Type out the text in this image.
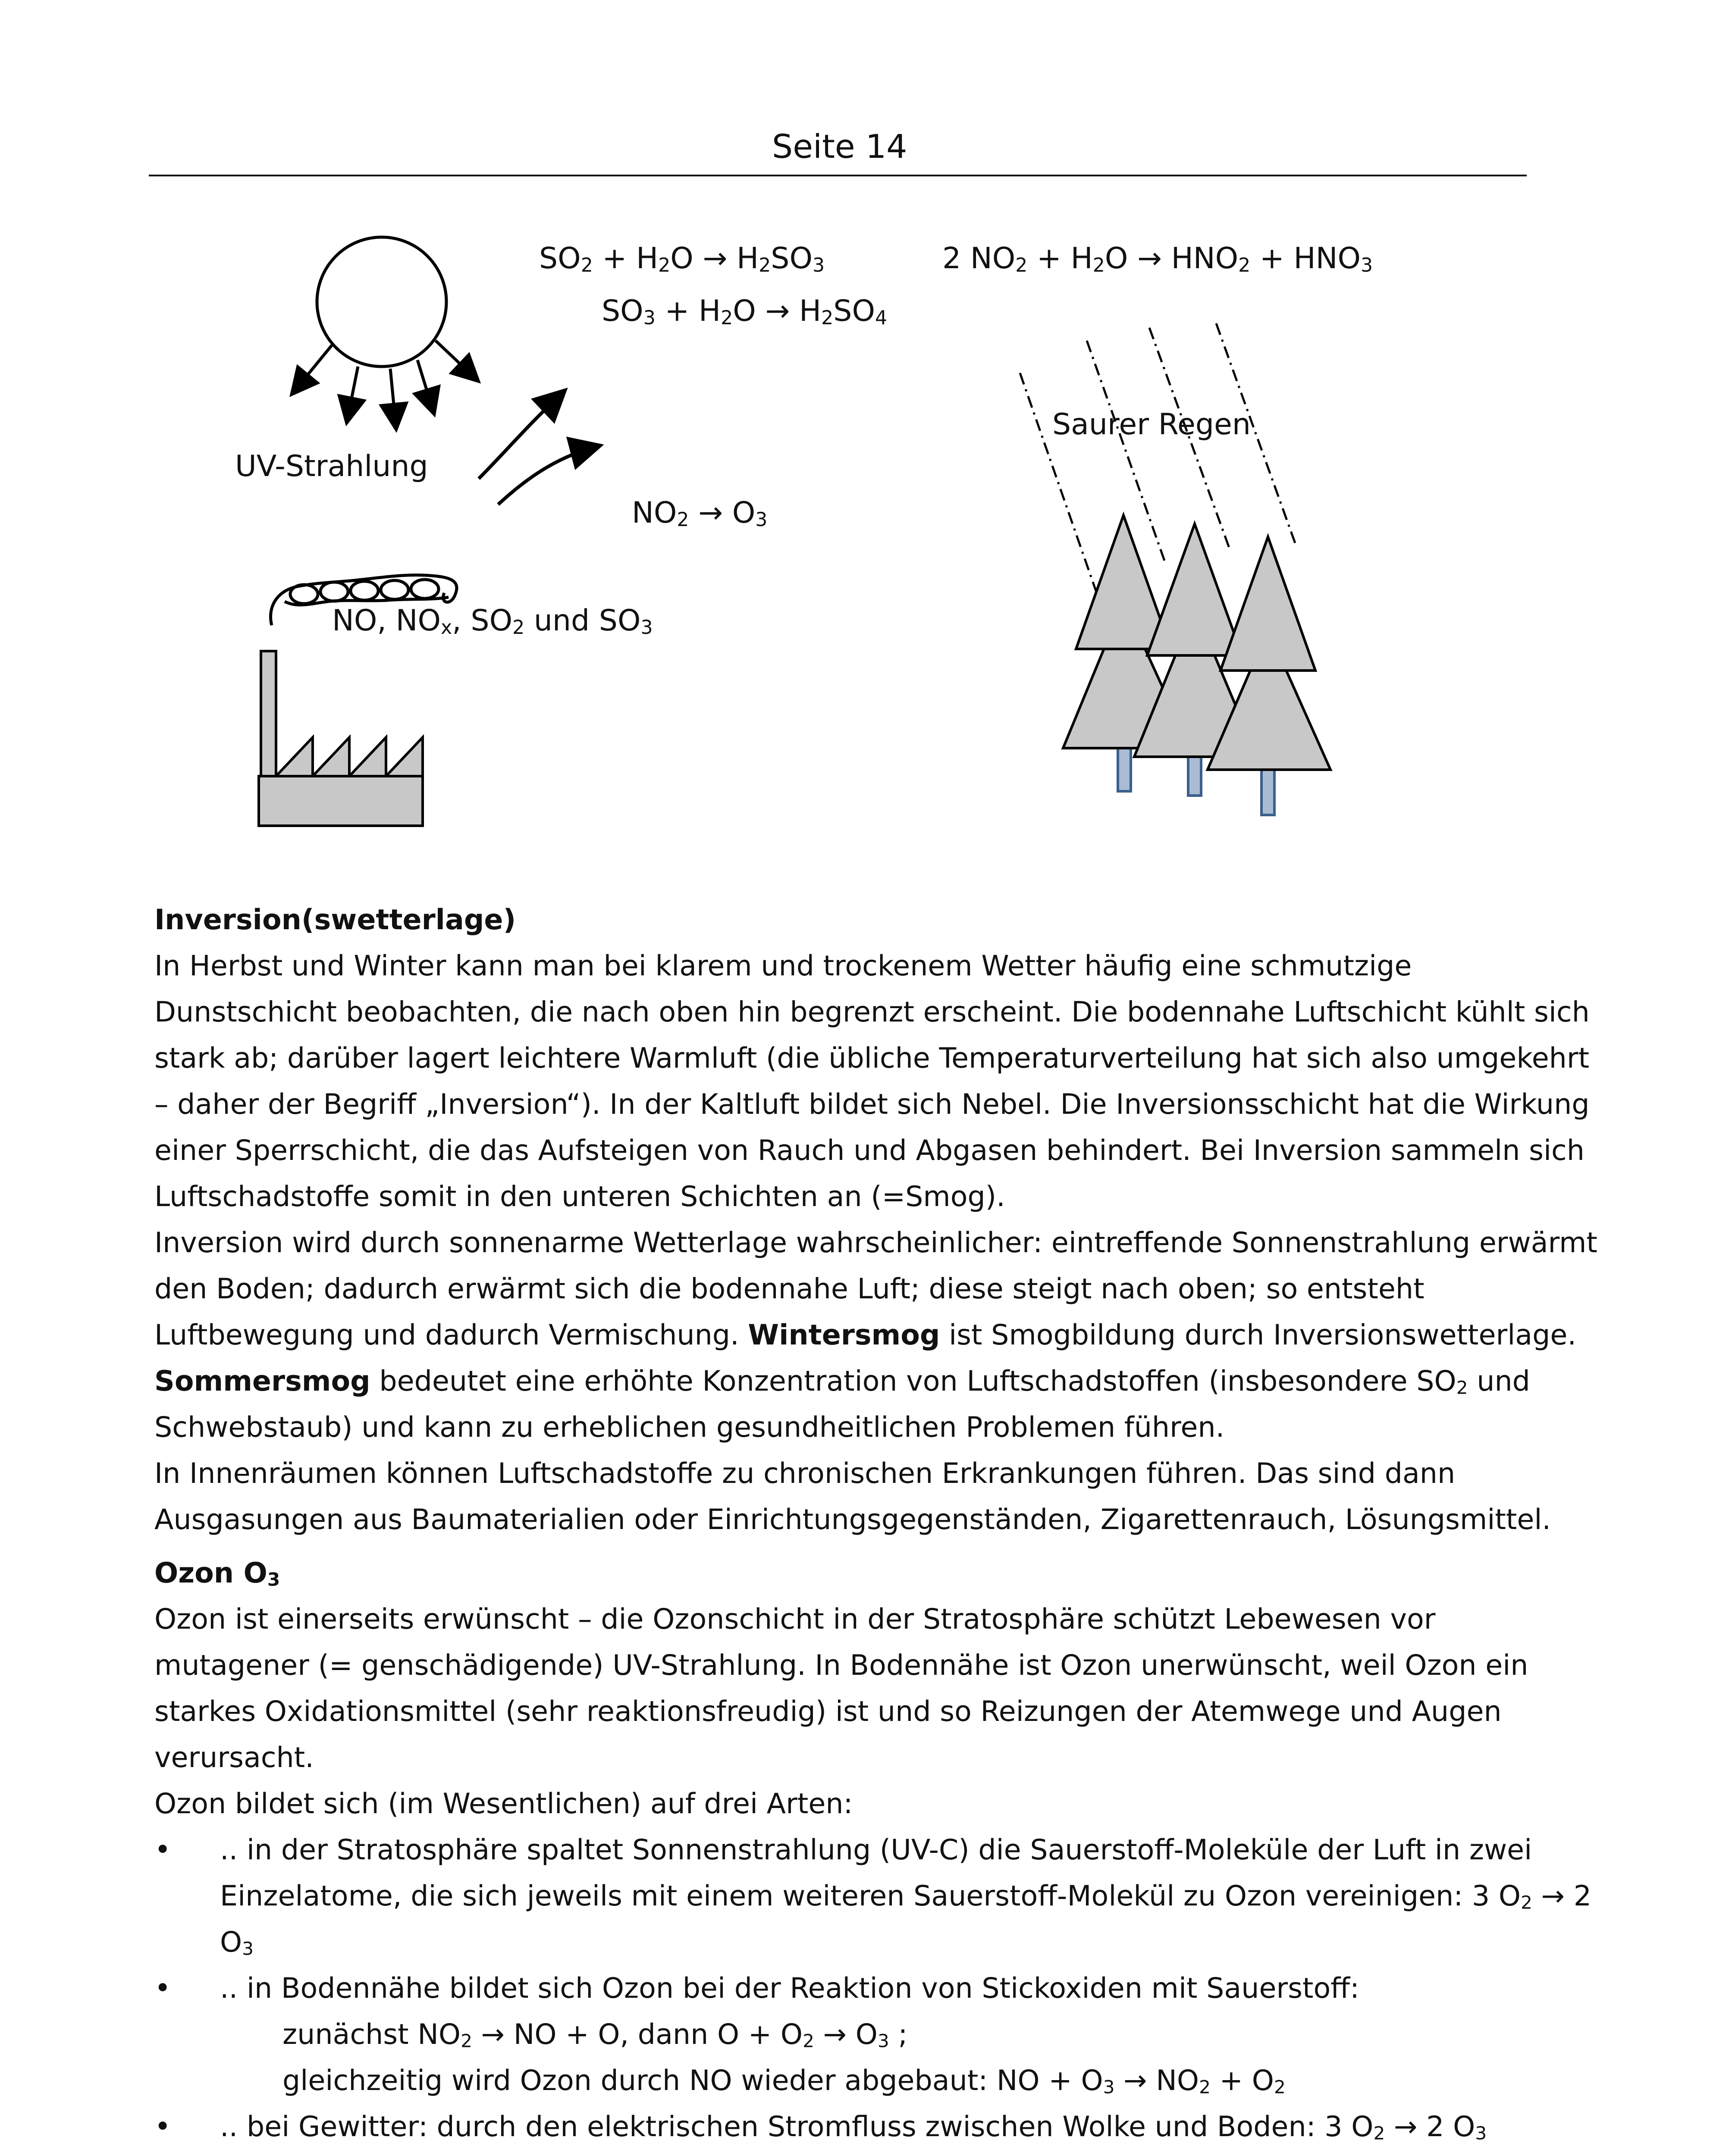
Seite 14
$SO_2 + H_2O \to H_2SO_3$
$SO_3 + H_2O \to H_2SO_4$
2 $NO_2 + H_2O \to HNO_2 + HNO_3$
$NO_2 \to O_3$
UV-Strahlung
Saurer Regen
NO, $NO_x$, $SO_2$ und $SO_3$
Inversion(swetterlage)

In Herbst und Winter kann man bei klarem und trockenem Wetter häufig eine schmutzige Dunstschicht beobachten, die nach oben hin begrenzt erscheint. Die bodennahe Luftschicht kühlt sich stark ab; darüber lagert leichtere Warmluft (die übliche Temperaturverteilung hat sich also umgekehrt – daher der Begriff „Inversion“). In der Kaltluft bildet sich Nebel. Die Inversionsschicht hat die Wirkung einer Sperrschicht, die das Aufsteigen von Rauch und Abgasen behindert. Bei Inversion sammeln sich Luftschadstoffe somit in den unteren Schichten an (=Smog).

Inversion wird durch sonnenarme Wetterlage wahrscheinlicher: eintreffende Sonnenstrahlung erwärmt den Boden; dadurch erwärmt sich die bodennahe Luft; diese steigt nach oben; so entsteht Luftbewegung und dadurch Vermischung. Wintersmog ist Smogbildung durch Inversionswetterlage.

Sommersmog bedeutet eine erhöhte Konzentration von Luftschadstoffen (insbesondere $SO_2$ und Schwebstaub) und kann zu erheblichen gesundheitlichen Problemen führen.

In Innenräumen können Luftschadstoffe zu chronischen Erkrankungen führen. Das sind dann Ausgasungen aus Baumaterialien oder Einrichtungsgegenständen, Zigarettenrauch, Lösungsmittel.

Ozon $O_3$

Ozon ist einerseits erwünscht – die Ozonschicht in der Stratosphäre schützt Lebewesen vor mutagener (= genschädigende) UV-Strahlung. In Bodennähe ist Ozon unerwünscht, weil Ozon ein starkes Oxidationsmittel (sehr reaktionsfreudig) ist und so Reizungen der Atemwege und Augen verursacht.

Ozon bildet sich (im Wesentlichen) auf drei Arten:

• .. in der Stratosphäre spaltet Sonnenstrahlung (UV-C) die Sauerstoff-Moleküle der Luft in zwei Einzelatome, die sich jeweils mit einem weiteren Sauerstoff-Molekül zu Ozon vereinigen: 3 $O_2 \to 2$ $O_3$
• .. in Bodennähe bildet sich Ozon bei der Reaktion von Stickoxiden mit Sauerstoff:
zunächst $NO_2$ → NO + O, dann $O + O_2 \to O_3$ ;
gleichzeitig wird Ozon durch NO wieder abgebaut: NO + $O_3 \to NO_2 + O_2$
• .. bei Gewitter: durch den elektrischen Stromfluss zwischen Wolke und Boden: 3 $O_2 \to 2$ $O_3$
